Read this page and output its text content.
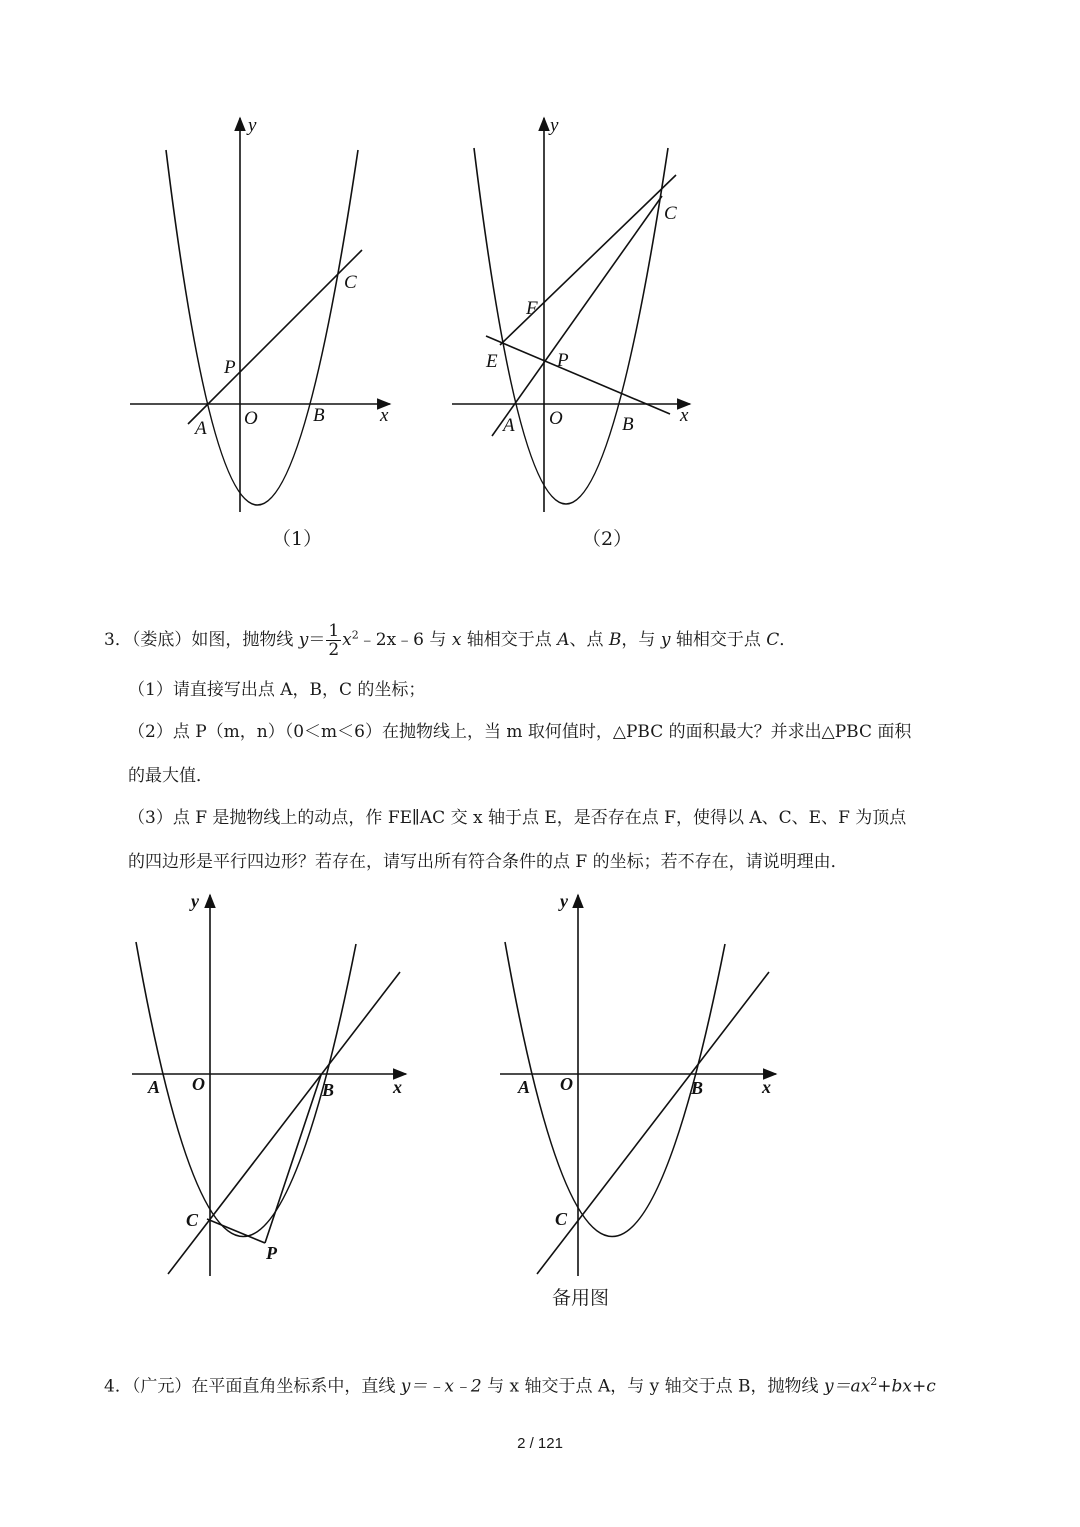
y
x
O
A
B
C
P
y
x
O
A	B
C
P
E
F
y
x
O
A	B
C
P
y
x
O
A	B
C
（1）	（2）
3．（娄底）如图，抛物线 $y= \frac{1}{2}$ $x^2﹣2x﹣6$ 与 x 轴相交于点 A、点 B，与 y 轴相交于点 C．
（1）请直接写出点 A，B，C 的坐标；
（2）点 P（m，n）（0＜m＜6）在抛物线上，当 m 取何值时，△PBC 的面积最大？并求出△PBC 面积
的最大值．
（3）点 F 是抛物线上的动点，作 FE∥AC 交 x 轴于点 E，是否存在点 F，使得以 A、C、E、F 为顶点
的四边形是平行四边形？若存在，请写出所有符合条件的点 F 的坐标；若不存在，请说明理由．
备用图
4．（广元）在平面直角坐标系中，直线 y＝﹣x﹣2 与 x 轴交于点 A，与 y 轴交于点 B，抛物线 $y=ax^2+bx+c$
2 / 121
